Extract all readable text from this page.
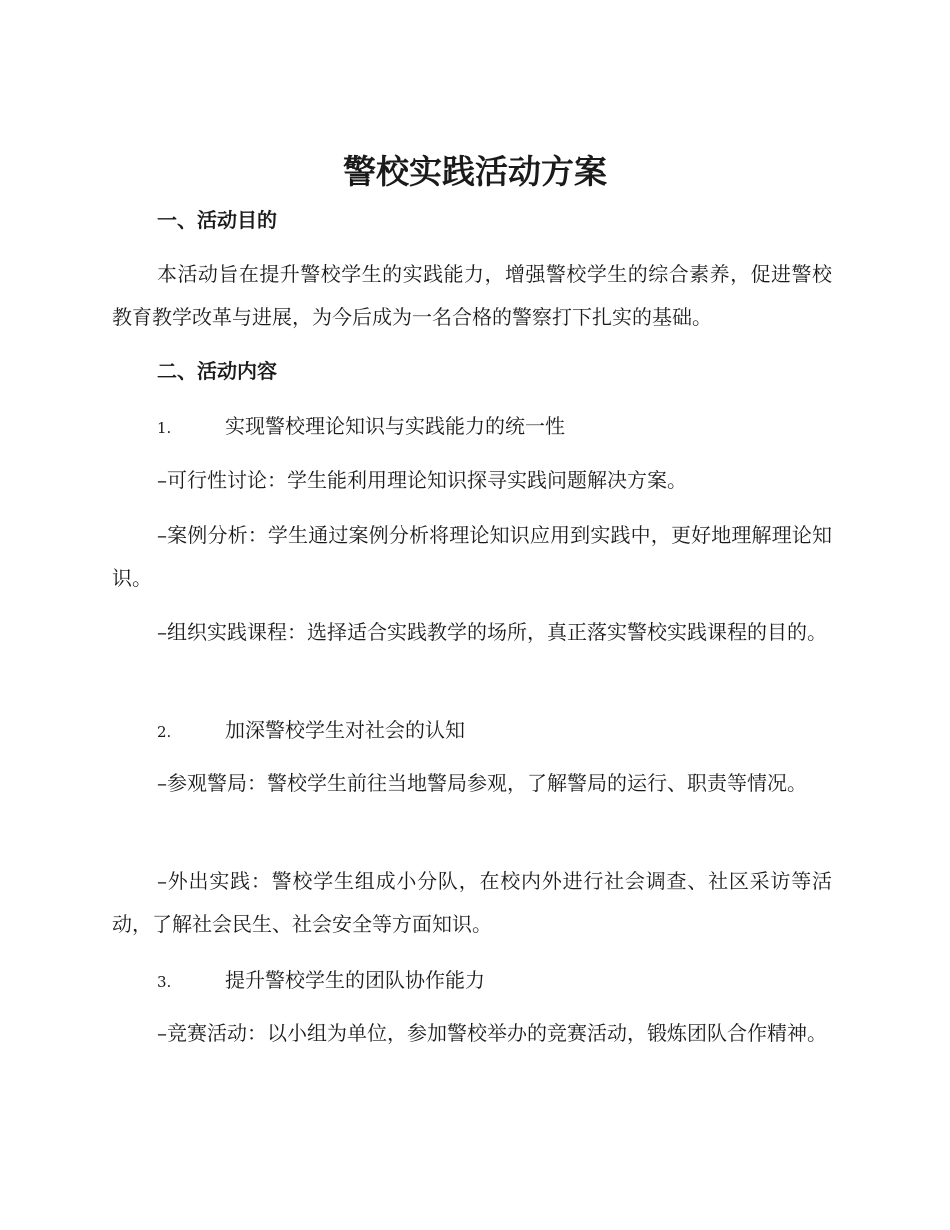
警校实践活动方案
一、活动目的
本活动旨在提升警校学生的实践能力，增强警校学生的综合素养，促进警校教育教学改革与进展，为今后成为一名合格的警察打下扎实的基础。
二、活动内容
1.	实现警校理论知识与实践能力的统一性
–可行性讨论：学生能利用理论知识探寻实践问题解决方案。
–案例分析：学生通过案例分析将理论知识应用到实践中，更好地理解理论知识。
–组织实践课程：选择适合实践教学的场所，真正落实警校实践课程的目的。
2.	加深警校学生对社会的认知
–参观警局：警校学生前往当地警局参观，了解警局的运行、职责等情况。
–外出实践：警校学生组成小分队，在校内外进行社会调查、社区采访等活动，了解社会民生、社会安全等方面知识。
3.	提升警校学生的团队协作能力
–竞赛活动：以小组为单位，参加警校举办的竞赛活动，锻炼团队合作精神。
